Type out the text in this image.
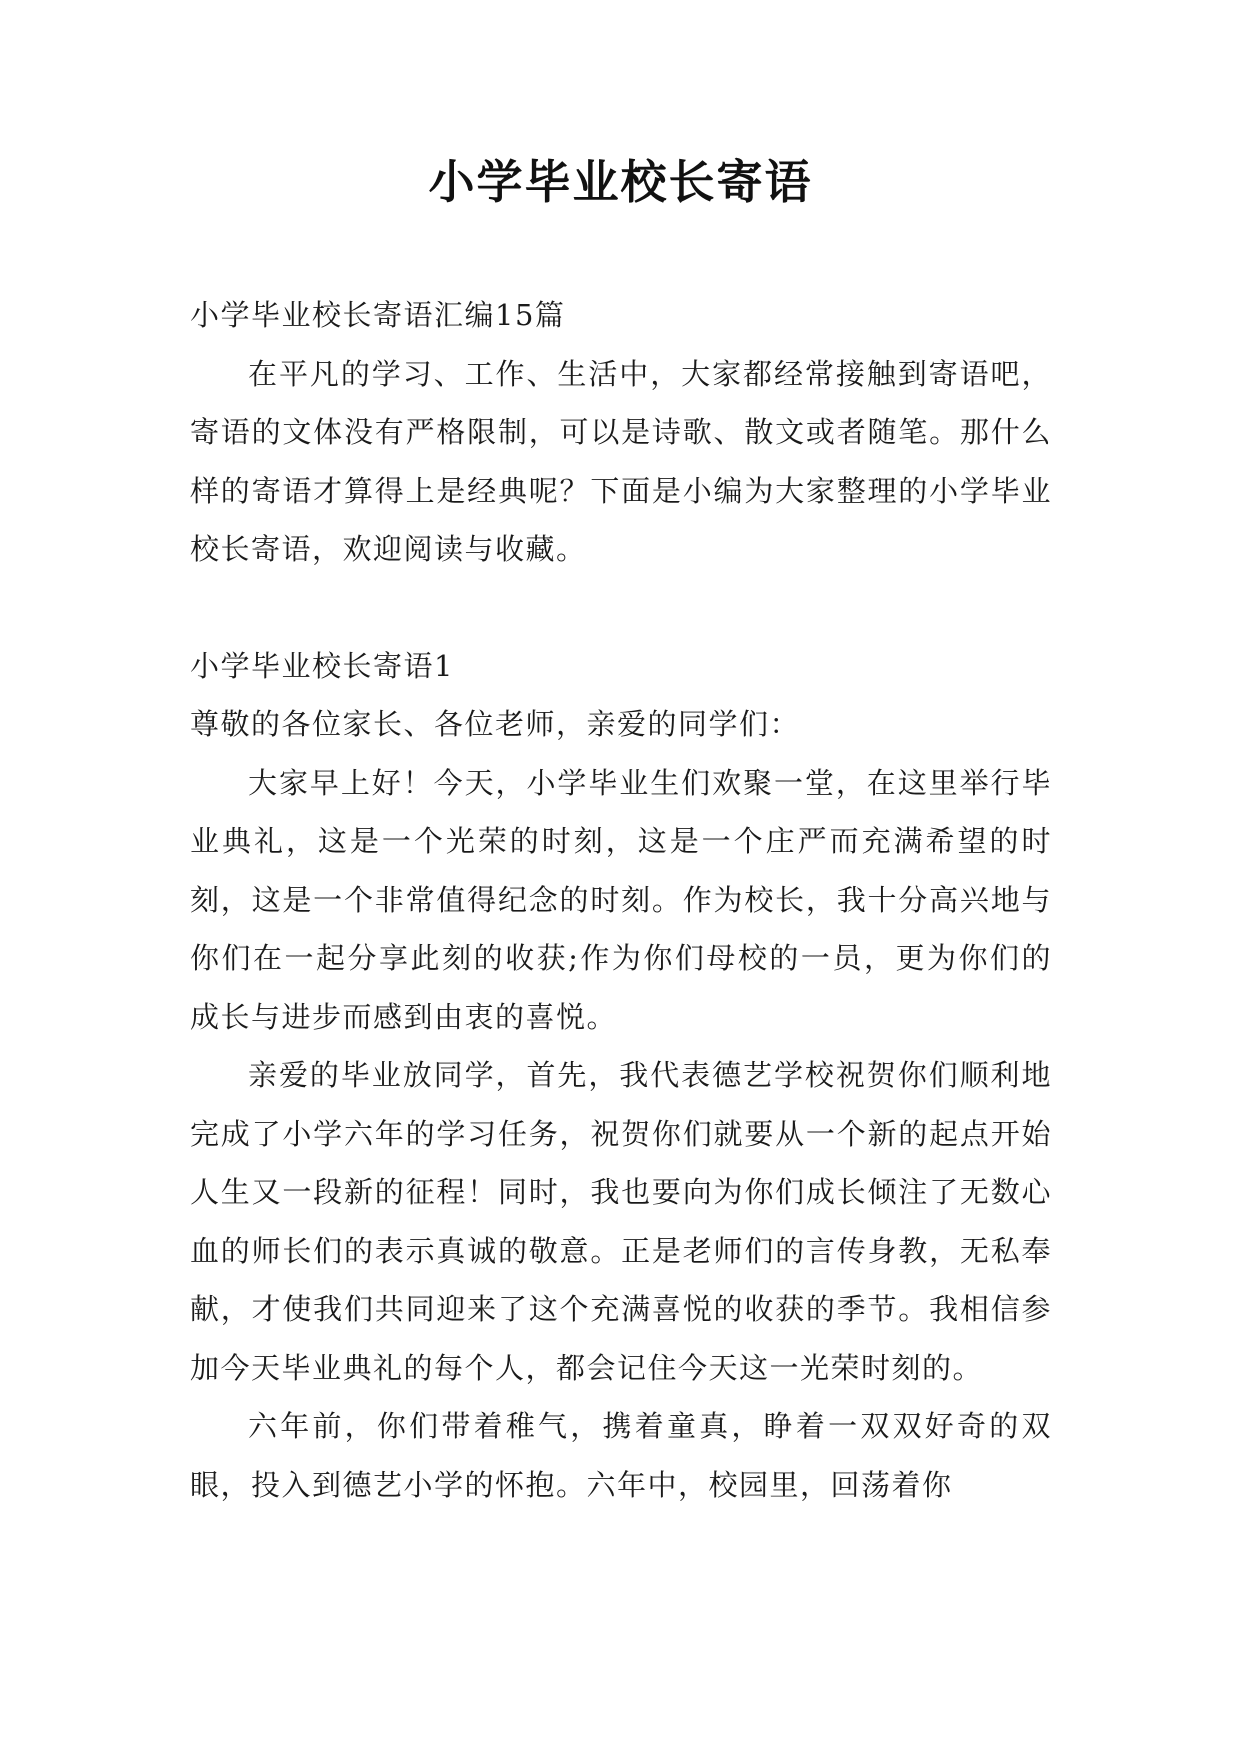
小学毕业校长寄语

小学毕业校长寄语汇编15篇

在平凡的学习、工作、生活中，大家都经常接触到寄语吧，寄语的文体没有严格限制，可以是诗歌、散文或者随笔。那什么样的寄语才算得上是经典呢？下面是小编为大家整理的小学毕业校长寄语，欢迎阅读与收藏。

小学毕业校长寄语1

尊敬的各位家长、各位老师，亲爱的同学们：

大家早上好！今天，小学毕业生们欢聚一堂，在这里举行毕业典礼，这是一个光荣的时刻，这是一个庄严而充满希望的时刻，这是一个非常值得纪念的时刻。作为校长，我十分高兴地与你们在一起分享此刻的收获;作为你们母校的一员，更为你们的成长与进步而感到由衷的喜悦。

亲爱的毕业放同学，首先，我代表德艺学校祝贺你们顺利地完成了小学六年的学习任务，祝贺你们就要从一个新的起点开始人生又一段新的征程！同时，我也要向为你们成长倾注了无数心血的师长们的表示真诚的敬意。正是老师们的言传身教，无私奉献，才使我们共同迎来了这个充满喜悦的收获的季节。我相信参加今天毕业典礼的每个人，都会记住今天这一光荣时刻的。

六年前，你们带着稚气，携着童真，睁着一双双好奇的双眼，投入到德艺小学的怀抱。六年中，校园里，回荡着你
